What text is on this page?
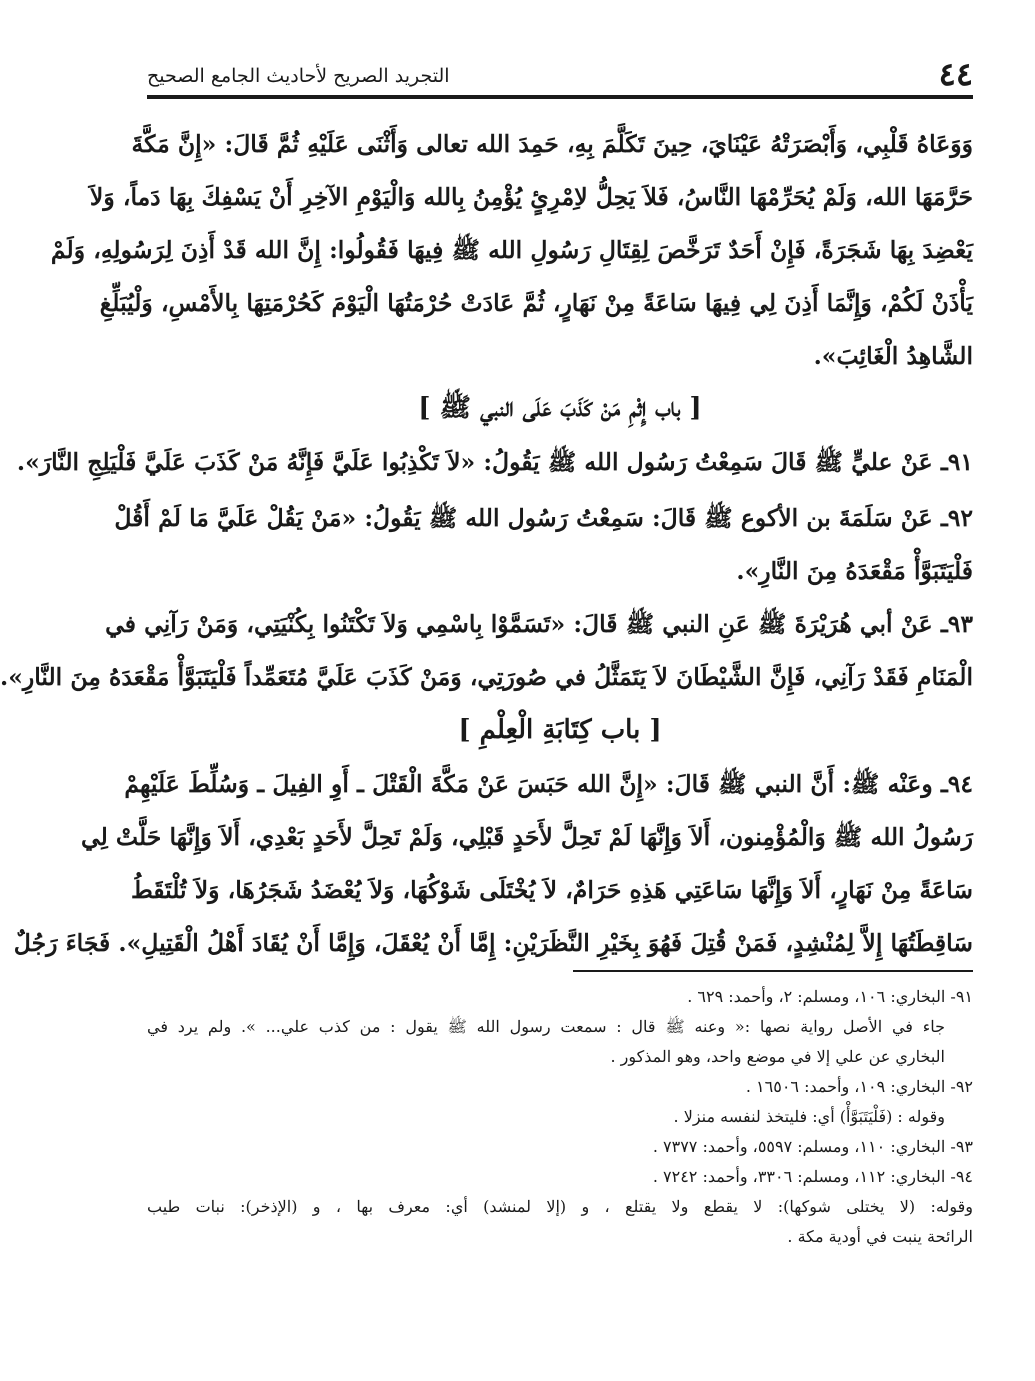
٤٤
التجريد الصريح لأحاديث الجامع الصحيح
وَوَعَاهُ قَلْبِي، وَأَبْصَرَتْهُ عَيْنَايَ، حِينَ تَكَلَّمَ بِهِ، حَمِدَ الله تعالى وَأَثْنَى عَلَيْهِ ثُمَّ قَالَ: «إِنَّ مَكَّةَ
حَرَّمَهَا الله، وَلَمْ يُحَرِّمْهَا النَّاسُ، فَلاَ يَحِلُّ لاِمْرِئٍ يُؤْمِنُ بِالله وَالْيَوْمِ الآخِرِ أَنْ يَسْفِكَ بِهَا دَماً، وَلاَ
يَعْضِدَ بِهَا شَجَرَةً، فَإِنْ أَحَدٌ تَرَخَّصَ لِقِتَالِ رَسُولِ الله ﷺ فِيهَا فَقُولُوا: إِنَّ الله قَدْ أَذِنَ لِرَسُولِهِ، وَلَمْ
يَأْذَنْ لَكُمْ، وَإِنَّمَا أَذِنَ لِي فِيهَا سَاعَةً مِنْ نَهَارٍ، ثُمَّ عَادَتْ حُرْمَتُهَا الْيَوْمَ كَحُرْمَتِهَا بِالأَمْسِ، وَلْيُبَلِّغِ
الشَّاهِدُ الْغَائِبَ».
[ باب إِثْمِ مَنْ كَذَبَ عَلَى النبي ﷺ ]
٩١ـ عَنْ عليٍّ ﷺ قَالَ سَمِعْتُ رَسُول الله ﷺ يَقُولُ: «لاَ تَكْذِبُوا عَلَيَّ فَإِنَّهُ مَنْ كَذَبَ عَلَيَّ فَلْيَلِجِ النَّارَ».
٩٢ـ عَنْ سَلَمَةَ بن الأكوع ﷺ قَالَ: سَمِعْتُ رَسُول الله ﷺ يَقُولُ: «مَنْ يَقُلْ عَلَيَّ مَا لَمْ أَقُلْ
فَلْيَتَبَوَّأْ مَقْعَدَهُ مِنَ النَّارِ».
٩٣ـ عَنْ أبي هُرَيْرَةَ ﷺ عَنِ النبي ﷺ قَالَ: «تَسَمَّوْا بِاسْمِي وَلاَ تَكْتَنُوا بِكُنْيَتِي، وَمَنْ رَآنِي في
الْمَنَامِ فَقَدْ رَآنِي، فَإِنَّ الشَّيْطَانَ لاَ يَتَمَثَّلُ في صُورَتِي، وَمَنْ كَذَبَ عَلَيَّ مُتَعَمِّداً فَلْيَتَبَوَّأْ مَقْعَدَهُ مِنَ النَّارِ».
[ باب كِتَابَةِ الْعِلْمِ ]
٩٤ـ وعَنْه ﷺ: أَنَّ النبي ﷺ قَالَ: «إِنَّ الله حَبَسَ عَنْ مَكَّةَ الْقَتْلَ ـ أَوِ الفِيلَ ـ وَسُلِّطَ عَلَيْهِمْ
رَسُولُ الله ﷺ وَالْمُؤْمِنون، أَلاَ وَإِنَّهَا لَمْ تَحِلَّ لأَحَدٍ قَبْلِي، وَلَمْ تَحِلَّ لأَحَدٍ بَعْدِي، أَلاَ وَإِنَّهَا حَلَّتْ لِي
سَاعَةً مِنْ نَهَارٍ، أَلاَ وَإِنَّهَا سَاعَتِي هَذِهِ حَرَامٌ، لاَ يُخْتَلَى شَوْكُهَا، وَلاَ يُعْضَدُ شَجَرُهَا، وَلاَ تُلْتَقَطُ
سَاقِطَتُهَا إِلاَّ لِمُنْشِدٍ، فَمَنْ قُتِلَ فَهُوَ بِخَيْرِ النَّظَرَيْنِ: إِمَّا أَنْ يُعْقَلَ، وَإِمَّا أَنْ يُقَادَ أَهْلُ الْقَتِيلِ». فَجَاءَ رَجُلٌ
٩١- البخاري: ١٠٦، ومسلم: ٢، وأحمد: ٦٢٩ .
جاء في الأصل رواية نصها :« وعنه ﷺ قال : سمعت رسول الله ﷺ يقول : من كذب علي... ». ولم يرد في
البخاري عن علي إلا في موضع واحد، وهو المذكور .
٩٢- البخاري: ١٠٩، وأحمد: ١٦٥٠٦ .
وقوله : (فَلْيَتَبَوَّأْ) أي: فليتخذ لنفسه منزلا .
٩٣- البخاري: ١١٠، ومسلم: ٥٥٩٧، وأحمد: ٧٣٧٧ .
٩٤- البخاري: ١١٢، ومسلم: ٣٣٠٦، وأحمد: ٧٢٤٢ .
وقوله: (لا يختلى شوكها): لا يقطع ولا يقتلع ، و (إلا لمنشد) أي: معرف بها ، و (الإذخر): نبات طيب
الرائحة ينبت في أودية مكة .
